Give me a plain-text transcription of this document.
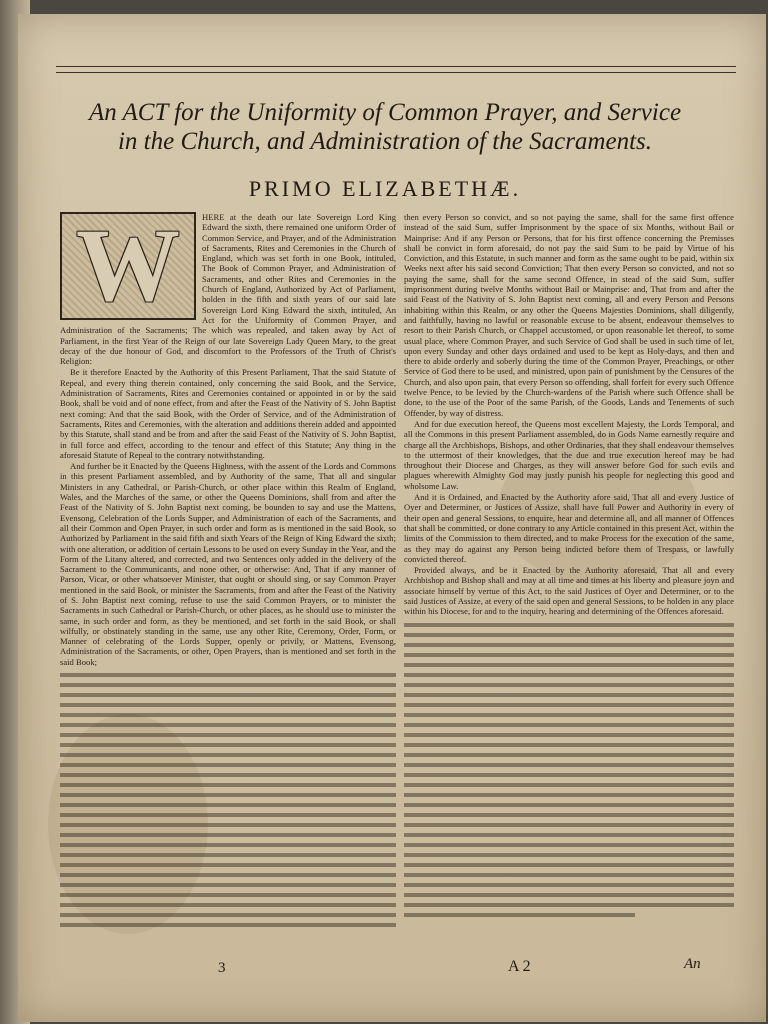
An ACT for the Uniformity of Common Prayer, and Service
in the Church, and Administration of the Sacraments.
PRIMO ELIZABETHÆ.
W	HERE at the death our late Sovereign Lord King Edward the sixth, there remained one uniform Order of Common Service, and Prayer, and of the Administration of Sacraments, Rites and Ceremonies in the Church of England, which was set forth in one Book, intituled, The Book of Common Prayer, and Administration of Sacraments, and other Rites and Ceremonies in the Church of England, Authorized by Act of Parliament, holden in the fifth and sixth years of our said late Sovereign Lord King Edward the sixth, intituled, An Act for the Uniformity of Common Prayer, and Administration of the Sacraments; The which was repealed, and taken away by Act of Parliament, in the first Year of the Reign of our late Sovereign Lady Queen Mary, to the great decay of the due honour of God, and discomfort to the Professors of the Truth of Christ's Religion:

Be it therefore Enacted by the Authority of this Present Parliament, That the said Statute of Repeal, and every thing therein contained, only concerning the said Book, and the Service, Administration of Sacraments, Rites and Ceremonies contained or appointed in or by the said Book, shall be void and of none effect, from and after the Feast of the Nativity of S. John Baptist next coming: And that the said Book, with the Order of Service, and of the Administration of Sacraments, Rites and Ceremonies, with the alteration and additions therein added and appointed by this Statute, shall stand and be from and after the said Feast of the Nativity of S. John Baptist, in full force and effect, according to the tenour and effect of this Statute; Any thing in the aforesaid Statute of Repeal to the contrary notwithstanding.

And further be it Enacted by the Queens Highness, with the assent of the Lords and Commons in this present Parliament assembled, and by Authority of the same, That all and singular Ministers in any Cathedral, or Parish-Church, or other place within this Realm of England, Wales, and the Marches of the same, or other the Queens Dominions, shall from and after the Feast of the Nativity of S. John Baptist next coming, be bounden to say and use the Mattens, Evensong, Celebration of the Lords Supper, and Administration of each of the Sacraments, and all their Common and Open Prayer, in such order and form as is mentioned in the said Book, so Authorized by Parliament in the said fifth and sixth Years of the Reign of King Edward the sixth; with one alteration, or addition of certain Lessons to be used on every Sunday in the Year, and the Form of the Litany altered, and corrected, and two Sentences only added in the delivery of the Sacrament to the Communicants, and none other, or otherwise: And, That if any manner of Parson, Vicar, or other whatsoever Minister, that ought or should sing, or say Common Prayer mentioned in the said Book, or minister the Sacraments, from and after the Feast of the Nativity of S. John Baptist next coming, refuse to use the said Common Prayers, or to minister the Sacraments in such Cathedral or Parish-Church, or other places, as he should use to minister the same, in such order and form, as they be mentioned, and set forth in the said Book, or shall wilfully, or obstinately standing in the same, use any other Rite, Ceremony, Order, Form, or Manner of celebrating of the Lords Supper, openly or privily, or Mattens, Evensong, Administration of the Sacraments, or other, Open Prayers, than is mentioned and set forth in the said Book;

then every Person so convict, and so not paying the same, shall for the same first offence instead of the said Sum, suffer Imprisonment by the space of six Months, without Bail or Mainprise: And if any Person or Persons, that for his first offence concerning the Premisses shall be convict in form aforesaid, do not pay the said Sum to be paid by Virtue of his Conviction, and this Estatute, in such manner and form as the same ought to be paid, within six Weeks next after his said second Conviction; That then every Person so convicted, and not so paying the same, shall for the same second Offence, in stead of the said Sum, suffer imprisonment during twelve Months without Bail or Mainprise: and, That from and after the said Feast of the Nativity of S. John Baptist next coming, all and every Person and Persons inhabiting within this Realm, or any other the Queens Majesties Dominions, shall diligently, and faithfully, having no lawful or reasonable excuse to be absent, endeavour themselves to resort to their Parish Church, or Chappel accustomed, or upon reasonable let thereof, to some usual place, where Common Prayer, and such Service of God shall be used in such time of let, upon every Sunday and other days ordained and used to be kept as Holy-days, and then and there to abide orderly and soberly during the time of the Common Prayer, Preachings, or other Service of God there to be used, and ministred, upon pain of punishment by the Censures of the Church, and also upon pain, that every Person so offending, shall forfeit for every such Offence twelve Pence, to be levied by the Church-wardens of the Parish where such Offence shall be done, to the use of the Poor of the same Parish, of the Goods, Lands and Tenements of such Offender, by way of distress.

And for due execution hereof, the Queens most excellent Majesty, the Lords Temporal, and all the Commons in this present Parliament assembled, do in Gods Name earnestly require and charge all the Archbishops, Bishops, and other Ordinaries, that they shall endeavour themselves to the uttermost of their knowledges, that the due and true execution hereof may be had throughout their Diocese and Charges, as they will answer before God for such evils and plagues wherewith Almighty God may justly punish his people for neglecting this good and wholsome Law.

And it is Ordained, and Enacted by the Authority afore said, That all and every Justice of Oyer and Determiner, or Justices of Assize, shall have full Power and Authority in every of their open and general Sessions, to enquire, hear and determine all, and all manner of Offences that shall be committed, or done contrary to any Article contained in this present Act, within the limits of the Commission to them directed, and to make Process for the execution of the same, as they may do against any Person being indicted before them of Trespass, or lawfully convicted thereof.

Provided always, and be it Enacted by the Authority aforesaid, That all and every Archbishop and Bishop shall and may at all time and times at his liberty and pleasure joyn and associate himself by vertue of this Act, to the said Justices of Oyer and Determiner, or to the said Justices of Assize, at every of the said open and general Sessions, to be holden in any place within his Diocese, for and to the inquiry, hearing and determining of the Offences aforesaid.

3	A 2	An
